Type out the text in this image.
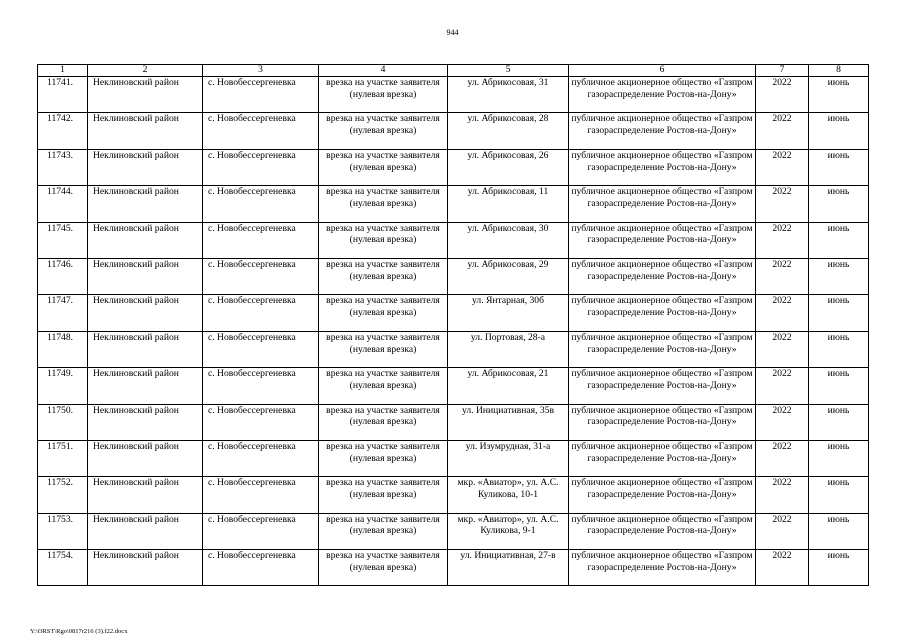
944
1	2	3	4	5	6	7	8
11741.	Неклиновский район	с. Новобессергеневка	врезка на участке заявителя (нулевая врезка)	ул. Абрикосовая, 31	публичное акционерное общество «Газпром газораспределение Ростов-на-Дону»	2022	июнь
11742.	Неклиновский район	с. Новобессергеневка	врезка на участке заявителя (нулевая врезка)	ул. Абрикосовая, 28	публичное акционерное общество «Газпром газораспределение Ростов-на-Дону»	2022	июнь
11743.	Неклиновский район	с. Новобессергеневка	врезка на участке заявителя (нулевая врезка)	ул. Абрикосовая, 26	публичное акционерное общество «Газпром газораспределение Ростов-на-Дону»	2022	июнь
11744.	Неклиновский район	с. Новобессергеневка	врезка на участке заявителя (нулевая врезка)	ул. Абрикосовая, 11	публичное акционерное общество «Газпром газораспределение Ростов-на-Дону»	2022	июнь
11745.	Неклиновский район	с. Новобессергеневка	врезка на участке заявителя (нулевая врезка)	ул. Абрикосовая, 30	публичное акционерное общество «Газпром газораспределение Ростов-на-Дону»	2022	июнь
11746.	Неклиновский район	с. Новобессергеневка	врезка на участке заявителя (нулевая врезка)	ул. Абрикосовая, 29	публичное акционерное общество «Газпром газораспределение Ростов-на-Дону»	2022	июнь
11747.	Неклиновский район	с. Новобессергеневка	врезка на участке заявителя (нулевая врезка)	ул. Янтарная, 30б	публичное акционерное общество «Газпром газораспределение Ростов-на-Дону»	2022	июнь
11748.	Неклиновский район	с. Новобессергеневка	врезка на участке заявителя (нулевая врезка)	ул. Портовая, 28-а	публичное акционерное общество «Газпром газораспределение Ростов-на-Дону»	2022	июнь
11749.	Неклиновский район	с. Новобессергеневка	врезка на участке заявителя (нулевая врезка)	ул. Абрикосовая, 21	публичное акционерное общество «Газпром газораспределение Ростов-на-Дону»	2022	июнь
11750.	Неклиновский район	с. Новобессергеневка	врезка на участке заявителя (нулевая врезка)	ул. Инициативная, 35в	публичное акционерное общество «Газпром газораспределение Ростов-на-Дону»	2022	июнь
11751.	Неклиновский район	с. Новобессергеневка	врезка на участке заявителя (нулевая врезка)	ул. Изумрудная, 31-а	публичное акционерное общество «Газпром газораспределение Ростов-на-Дону»	2022	июнь
11752.	Неклиновский район	с. Новобессергеневка	врезка на участке заявителя (нулевая врезка)	мкр. «Авиатор», ул. А.С. Куликова, 10-1	публичное акционерное общество «Газпром газораспределение Ростов-на-Дону»	2022	июнь
11753.	Неклиновский район	с. Новобессергеневка	врезка на участке заявителя (нулевая врезка)	мкр. «Авиатор», ул. А.С. Куликова, 9-1	публичное акционерное общество «Газпром газораспределение Ростов-на-Дону»	2022	июнь
11754.	Неклиновский район	с. Новобессергеневка	врезка на участке заявителя (нулевая врезка)	ул. Инициативная, 27-в	публичное акционерное общество «Газпром газораспределение Ростов-на-Дону»	2022	июнь
Y:\ORST\Rgo\0817r216 (3).f22.docx
